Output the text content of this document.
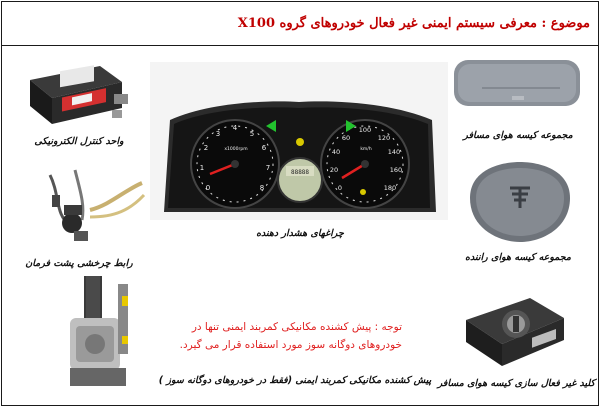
موضوع : معرفی سیستم ایمنی غیر فعال خودروهای گروه X100
واحد کنترل الکترونیکی
رابط چرخشی پشت فرمان
0
1
2
3
4
5
6
7
8
x1000rpm
0
20
40
60
100
120
140
160
180
km/h
88888
چراغهای هشدار دهنده
توجه : پیش کشنده مکانیکی کمربند ایمنی تنها در
خودروهای دوگانه سوز مورد استفاده قرار می گیرد.
پیش کشنده مکانیکی کمربند ایمنی (فقط در خودروهای دوگانه سوز )
مجموعه کیسه هوای مسافر
مجموعه کیسه هوای راننده
کلید غیر فعال سازی کیسه هوای مسافر
